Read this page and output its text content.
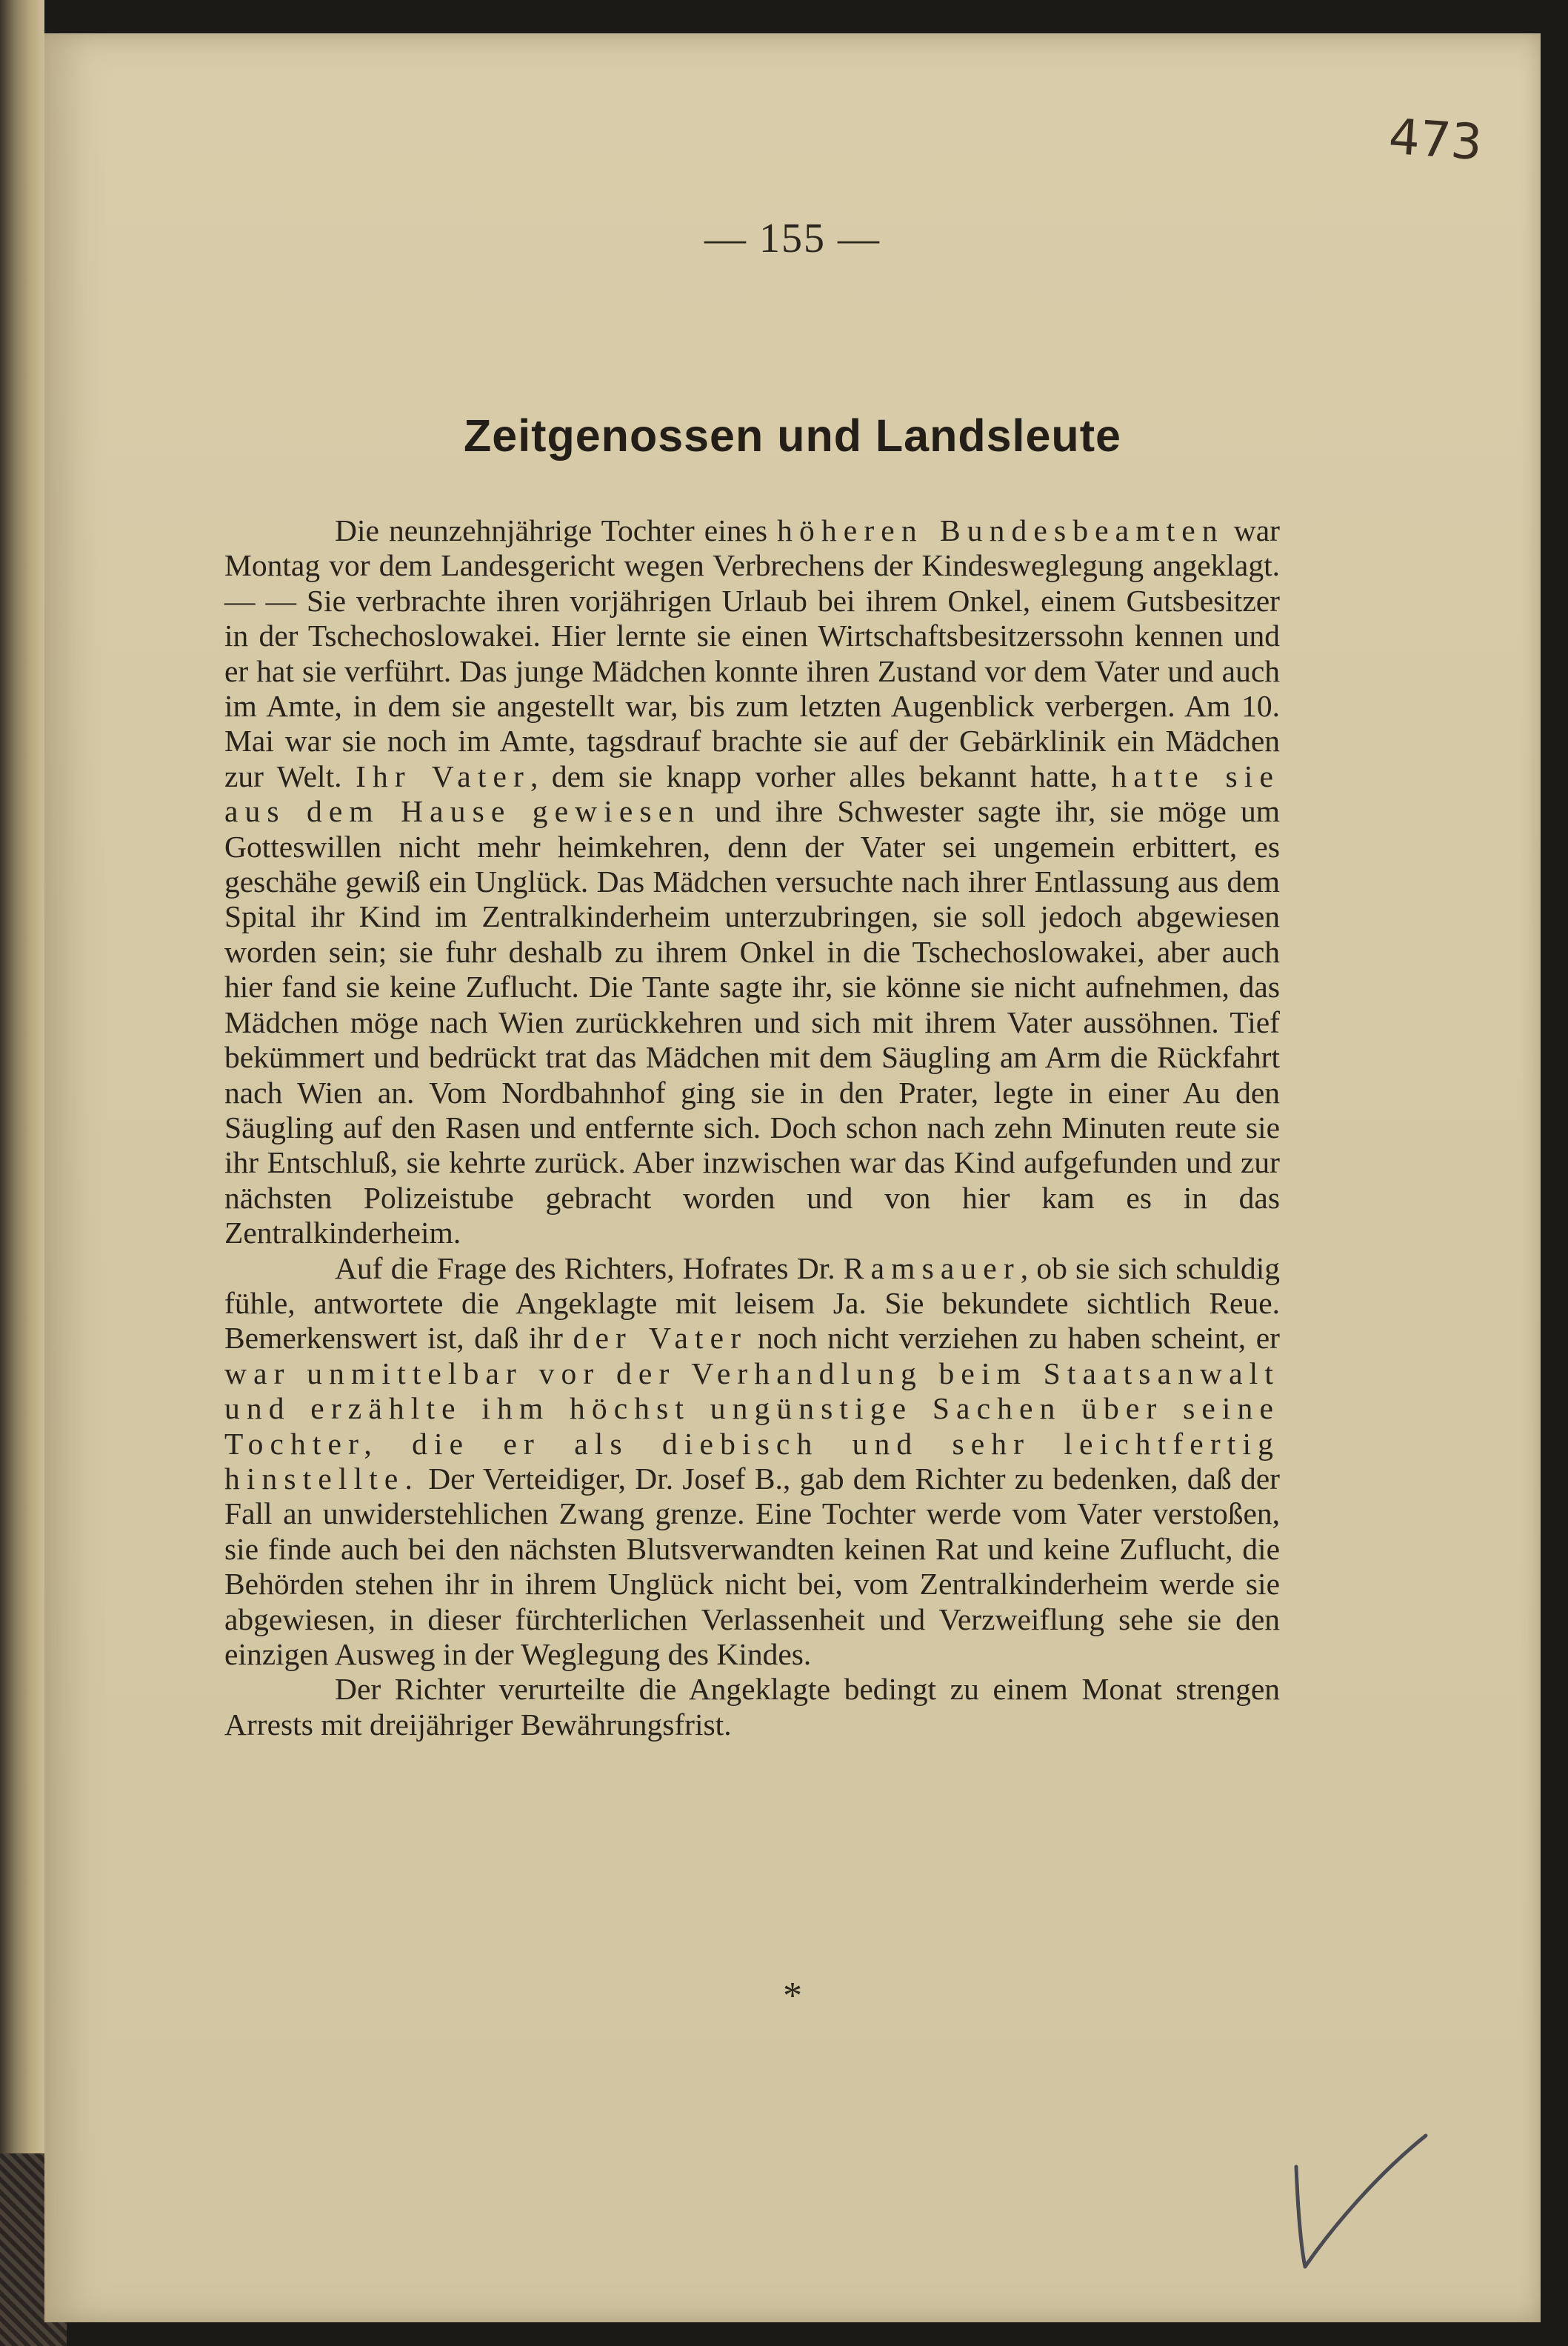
— 155 —
473
Zeitgenossen und Landsleute

Die neunzehnjährige Tochter eines höheren Bundesbeamten war Montag vor dem Landesgericht wegen Verbrechens der Kindesweglegung angeklagt. — — Sie verbrachte ihren vorjährigen Urlaub bei ihrem Onkel, einem Gutsbesitzer in der Tschechoslowakei. Hier lernte sie einen Wirtschaftsbesitzerssohn kennen und er hat sie verführt. Das junge Mädchen konnte ihren Zustand vor dem Vater und auch im Amte, in dem sie angestellt war, bis zum letzten Augenblick verbergen. Am 10. Mai war sie noch im Amte, tagsdrauf brachte sie auf der Gebärklinik ein Mädchen zur Welt. Ihr Vater, dem sie knapp vorher alles bekannt hatte, hatte sie aus dem Hause gewiesen und ihre Schwester sagte ihr, sie möge um Gotteswillen nicht mehr heimkehren, denn der Vater sei ungemein erbittert, es geschähe gewiß ein Unglück. Das Mädchen versuchte nach ihrer Entlassung aus dem Spital ihr Kind im Zentralkinderheim unterzubringen, sie soll jedoch abgewiesen worden sein; sie fuhr deshalb zu ihrem Onkel in die Tschechoslowakei, aber auch hier fand sie keine Zuflucht. Die Tante sagte ihr, sie könne sie nicht aufnehmen, das Mädchen möge nach Wien zurückkehren und sich mit ihrem Vater aussöhnen. Tief bekümmert und bedrückt trat das Mädchen mit dem Säugling am Arm die Rückfahrt nach Wien an. Vom Nordbahnhof ging sie in den Prater, legte in einer Au den Säugling auf den Rasen und entfernte sich. Doch schon nach zehn Minuten reute sie ihr Entschluß, sie kehrte zurück. Aber inzwischen war das Kind aufgefunden und zur nächsten Polizeistube gebracht worden und von hier kam es in das Zentralkinderheim.

Auf die Frage des Richters, Hofrates Dr. Ramsauer, ob sie sich schuldig fühle, antwortete die Angeklagte mit leisem Ja. Sie bekundete sichtlich Reue. Bemerkenswert ist, daß ihr der Vater noch nicht verziehen zu haben scheint, er war unmittelbar vor der Verhandlung beim Staatsanwalt und erzählte ihm höchst ungünstige Sachen über seine Tochter, die er als diebisch und sehr leichtfertig hinstellte. Der Verteidiger, Dr. Josef B., gab dem Richter zu bedenken, daß der Fall an unwiderstehlichen Zwang grenze. Eine Tochter werde vom Vater verstoßen, sie finde auch bei den nächsten Blutsverwandten keinen Rat und keine Zuflucht, die Behörden stehen ihr in ihrem Unglück nicht bei, vom Zentralkinderheim werde sie abgewiesen, in dieser fürchterlichen Verlassenheit und Verzweiflung sehe sie den einzigen Ausweg in der Weglegung des Kindes.

Der Richter verurteilte die Angeklagte bedingt zu einem Monat strengen Arrests mit dreijähriger Bewährungsfrist.

*
